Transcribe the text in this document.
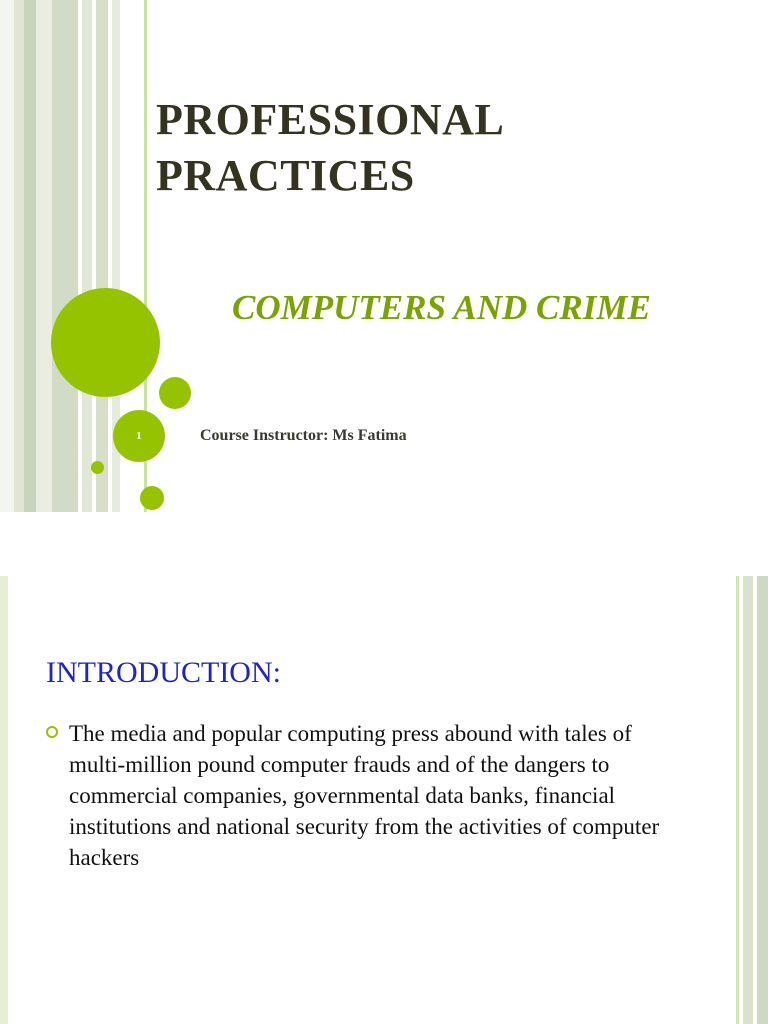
1
PROFESSIONAL
PRACTICES
COMPUTERS AND CRIME
Course Instructor: Ms Fatima
INTRODUCTION:

The media and popular computing press abound with tales of multi-million pound computer frauds and of the dangers to commercial companies, governmental data banks, financial institutions and national security from the activities of computer hackers
